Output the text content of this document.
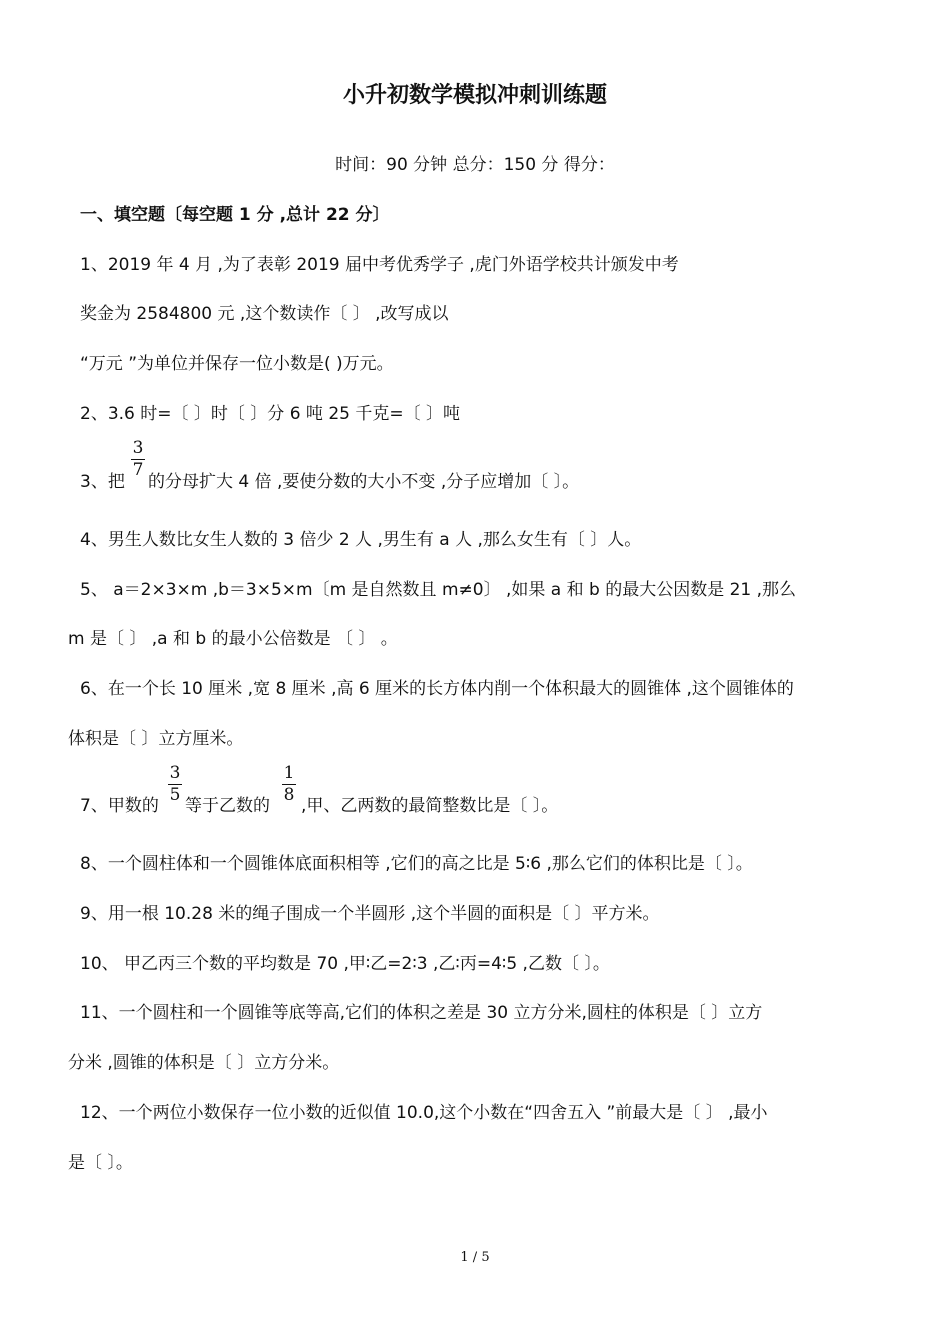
小升初数学模拟冲刺训练题
时间：90 分钟 总分：150 分 得分：
一、填空题〔每空题 1 分 ,总计 22 分〕
1、2019 年 4 月 ,为了表彰 2019 届中考优秀学子 ,虎门外语学校共计颁发中考
奖金为 2584800 元 ,这个数读作〔 〕 ,改写成以
“万元 ”为单位并保存一位小数是( )万元。
2、3.6 时=〔 〕时〔 〕分 6 吨 25 千克=〔 〕吨
3、把
3
7
的分母扩大 4 倍 ,要使分数的大小不变 ,分子应增加〔 〕。
4、男生人数比女生人数的 3 倍少 2 人 ,男生有 a 人 ,那么女生有〔 〕人。
5、 a＝2×3×m ,b＝3×5×m〔m 是自然数且 m≠0〕 ,如果 a 和 b 的最大公因数是 21 ,那么
m 是〔 〕 ,a 和 b 的最小公倍数是 〔 〕 。
6、在一个长 10 厘米 ,宽 8 厘米 ,高 6 厘米的长方体内削一个体积最大的圆锥体 ,这个圆锥体的
体积是〔 〕立方厘米。
7、甲数的
3
5
等于乙数的
1
8
,甲、乙两数的最简整数比是〔 〕。
8、一个圆柱体和一个圆锥体底面积相等 ,它们的高之比是 5∶6 ,那么它们的体积比是〔 〕。
9、用一根 10.28 米的绳子围成一个半圆形 ,这个半圆的面积是〔 〕平方米。
10、 甲乙丙三个数的平均数是 70 ,甲∶乙=2∶3 ,乙∶丙=4∶5 ,乙数〔 〕。
11、一个圆柱和一个圆锥等底等高,它们的体积之差是 30 立方分米,圆柱的体积是〔 〕立方
分米 ,圆锥的体积是〔 〕立方分米。
12、一个两位小数保存一位小数的近似值 10.0,这个小数在“四舍五入 ”前最大是〔 〕 ,最小
是〔 〕。
1 / 5
